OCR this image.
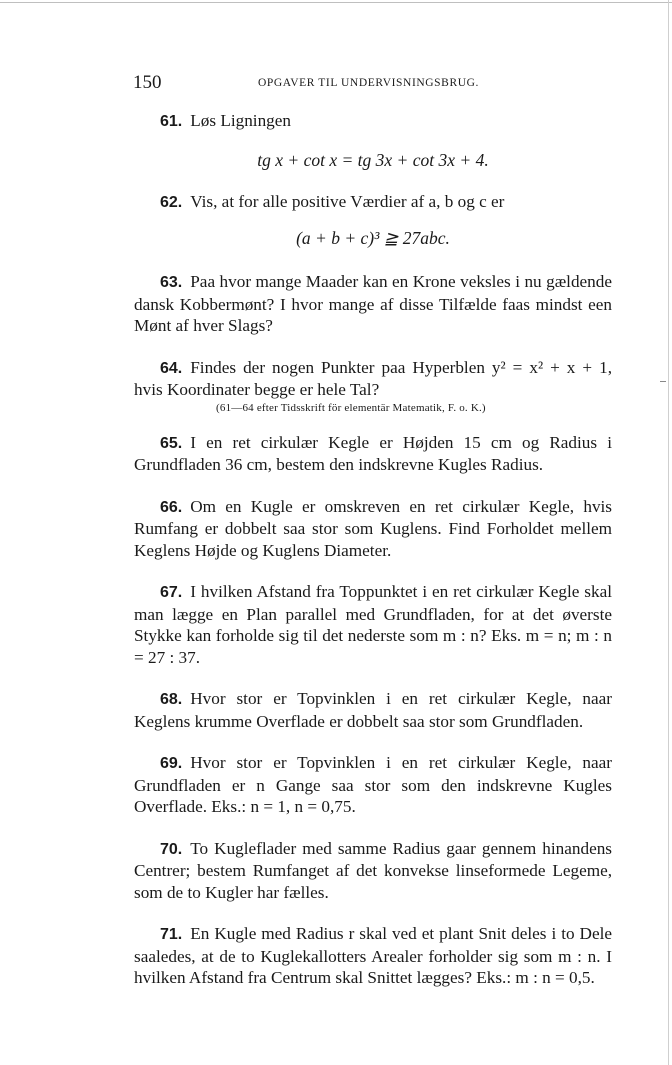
150	OPGAVER TIL UNDERVISNINGSBRUG.

61. Løs Ligningen

tg x + cot x = tg 3x + cot 3x + 4.

62. Vis, at for alle positive Værdier af a, b og c er

(a + b + c)³ ≧ 27abc.

63. Paa hvor mange Maader kan en Krone veksles i nu gældende dansk Kobbermønt? I hvor mange af disse Tilfælde faas mindst een Mønt af hver Slags?

64. Findes der nogen Punkter paa Hyperblen y² = x² + x + 1, hvis Koordinater begge er hele Tal?

(61—64 efter Tidsskrift för elementär Matematik, F. o. K.)

65. I en ret cirkulær Kegle er Højden 15 cm og Radius i Grundfladen 36 cm, bestem den indskrevne Kugles Radius.

66. Om en Kugle er omskreven en ret cirkulær Kegle, hvis Rumfang er dobbelt saa stor som Kuglens. Find Forholdet mellem Keglens Højde og Kuglens Diameter.

67. I hvilken Afstand fra Toppunktet i en ret cirkulær Kegle skal man lægge en Plan parallel med Grundfladen, for at det øverste Stykke kan forholde sig til det nederste som m : n? Eks. m = n; m : n = 27 : 37.

68. Hvor stor er Topvinklen i en ret cirkulær Kegle, naar Keglens krumme Overflade er dobbelt saa stor som Grundfladen.

69. Hvor stor er Topvinklen i en ret cirkulær Kegle, naar Grundfladen er n Gange saa stor som den indskrevne Kugles Overflade. Eks.: n = 1, n = 0,75.

70. To Kugleflader med samme Radius gaar gennem hinandens Centrer; bestem Rumfanget af det konvekse linseformede Legeme, som de to Kugler har fælles.

71. En Kugle med Radius r skal ved et plant Snit deles i to Dele saaledes, at de to Kuglekallotters Arealer forholder sig som m : n. I hvilken Afstand fra Centrum skal Snittet lægges? Eks.: m : n = 0,5.
